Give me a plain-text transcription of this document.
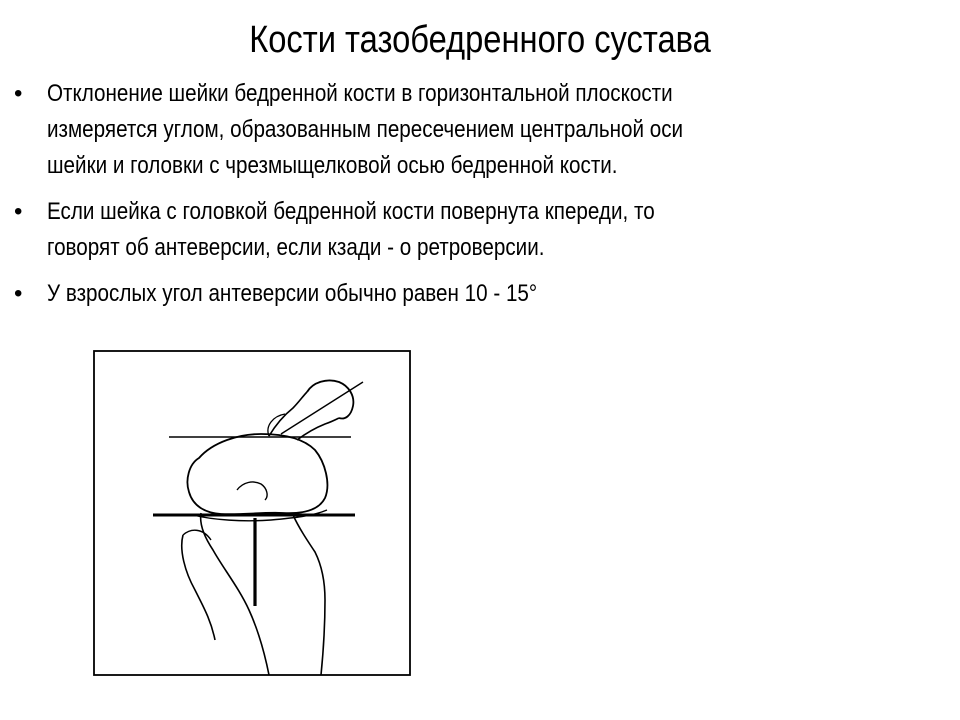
Кости тазобедренного сустава
• Отклонение шейки бедренной кости в горизонтальной плоскости
измеряется углом, образованным пересечением центральной оси
шейки и головки с чрезмыщелковой осью бедренной кости.
• Если шейка с головкой бедренной кости повернута кпереди, то
говорят об антеверсии, если кзади - о ретроверсии.
• У взрослых угол антеверсии обычно равен 10 - 15°
